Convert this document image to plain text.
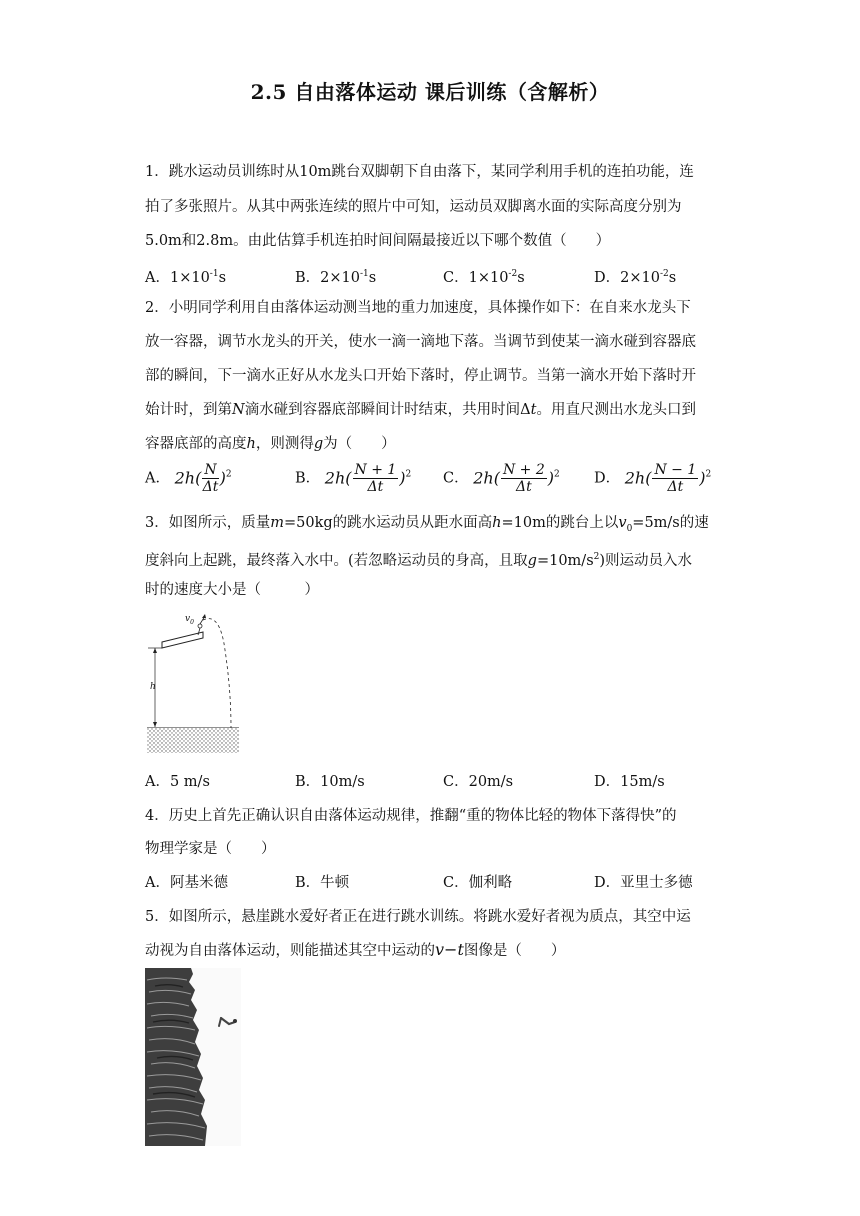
2.5 自由落体运动 课后训练（含解析）
1．跳水运动员训练时从10m跳台双脚朝下自由落下，某同学利用手机的连拍功能，连
拍了多张照片。从其中两张连续的照片中可知，运动员双脚离水面的实际高度分别为
5.0m和2.8m。由此估算手机连拍时间间隔最接近以下哪个数值（　　）
A．$1\times 10^{-1}s$	B．$2\times 10^{-1}s$	C．$1\times 10^{-2}s$	D．$2\times 10^{-2}s$
2．小明同学利用自由落体运动测当地的重力加速度，具体操作如下：在自来水龙头下
放一容器，调节水龙头的开关，使水一滴一滴地下落。当调节到使某一滴水碰到容器底
部的瞬间，下一滴水正好从水龙头口开始下落时，停止调节。当第一滴水开始下落时开
始计时，到第N滴水碰到容器底部瞬间计时结束，共用时间Δt。用直尺测出水龙头口到
容器底部的高度h，则测得g为（　　）
A． $2h( \frac{N}{\Delta t} )^2$	B． $2h( \frac{N + 1}{\Delta t} )^2$ C． $2h( \frac{N + 2}{\Delta t} )^2$ D． $2h( \frac{N - 1}{\Delta t} )^2$
3．如图所示，质量m=50kg的跳水运动员从距水面高h=10m的跳台上以$v_0=5m/s$的速
度斜向上起跳，最终落入水中。(若忽略运动员的身高，且取$g=10m/s^2$)则运动员入水
时的速度大小是（　　　）
$v_0$
h
A．5 m/s	B．10m/s	C．20m/s	D．15m/s
4．历史上首先正确认识自由落体运动规律，推翻“重的物体比轻的物体下落得快”的
物理学家是（　　）
A．阿基米德	B．牛顿	C．伽利略	D．亚里士多德
5．如图所示，悬崖跳水爱好者正在进行跳水训练。将跳水爱好者视为质点，其空中运
动视为自由落体运动，则能描述其空中运动的v−t图像是（　　）
